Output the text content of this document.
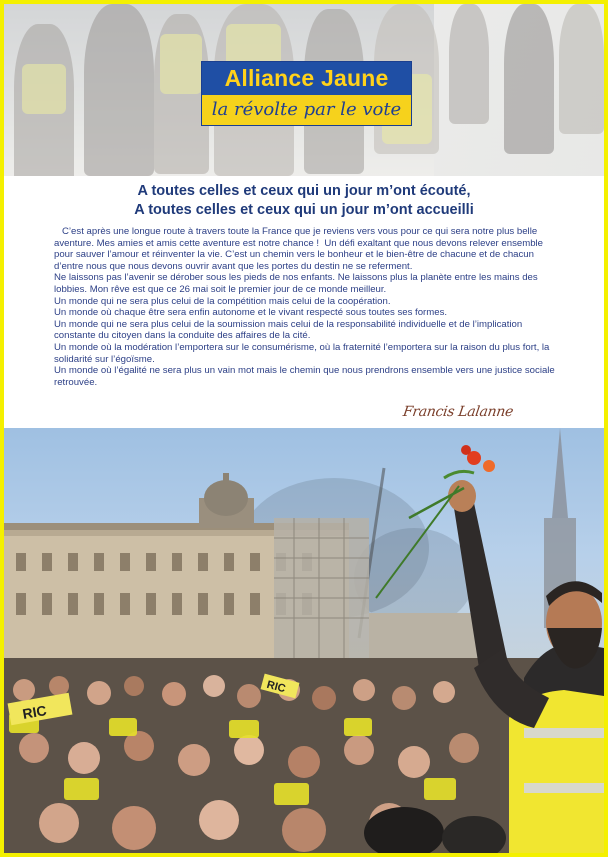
Alliance Jaune
la révolte par le vote
A toutes celles et ceux qui un jour m’ont écouté,
A toutes celles et ceux qui un jour m’ont accueilli

C’est après une longue route à travers toute la France que je reviens vers vous pour ce qui sera notre plus belle aventure. Mes amies et amis cette aventure est notre chance !  Un défi exaltant que nous devons relever ensemble pour sauver l’amour et réinventer la vie. C’est un chemin vers le bonheur et le bien-être de chacune et de chacun d’entre nous que nous devons ouvrir avant que les portes du destin ne se referment.

Ne laissons pas l’avenir se dérober sous les pieds de nos enfants. Ne laissons plus la planète entre les mains des lobbies. Mon rêve est que ce 26 mai soit le premier jour de ce monde meilleur.

Un monde qui ne sera plus celui de la compétition mais celui de la coopération.

Un monde où chaque être sera enfin autonome et le vivant respecté sous toutes ses formes.

Un monde qui ne sera plus celui de la soumission mais celui de la responsabilité individuelle et de l’implication constante du citoyen dans la conduite des affaires de la cité.

Un monde où la modération l’emportera sur le consumérisme, où la fraternité l’emportera sur la raison du plus fort, la solidarité sur l’égoïsme.

Un monde où l’égalité ne sera plus un vain mot mais le chemin que nous prendrons ensemble vers une justice sociale retrouvée.

Francis Lalanne
RIC
RIC
